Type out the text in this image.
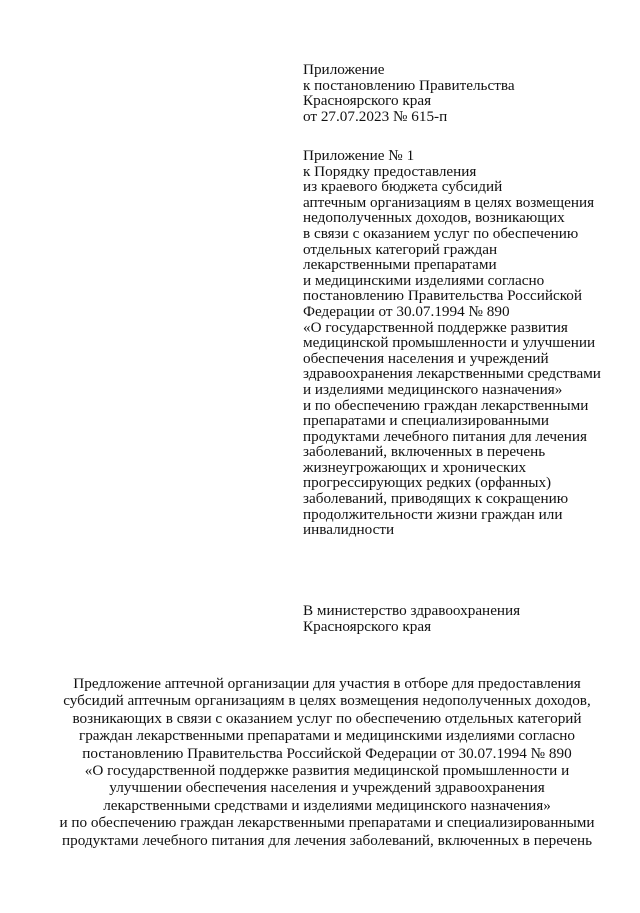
Приложение
к постановлению Правительства
Красноярского края
от 27.07.2023 № 615-п
Приложение № 1
к Порядку предоставления
из краевого бюджета субсидий
аптечным организациям в целях возмещения
недополученных доходов, возникающих
в связи с оказанием услуг по обеспечению
отдельных категорий граждан
лекарственными препаратами
и медицинскими изделиями согласно
постановлению Правительства Российской
Федерации от 30.07.1994 № 890
«О государственной поддержке развития
медицинской промышленности и улучшении
обеспечения населения и учреждений
здравоохранения лекарственными средствами
и изделиями медицинского назначения»
и по обеспечению граждан лекарственными
препаратами и специализированными
продуктами лечебного питания для лечения
заболеваний, включенных в перечень
жизнеугрожающих и хронических
прогрессирующих редких (орфанных)
заболеваний, приводящих к сокращению
продолжительности жизни граждан или
инвалидности
В министерство здравоохранения
Красноярского края
Предложение аптечной организации для участия в отборе для предоставления
субсидий аптечным организациям в целях возмещения недополученных доходов,
возникающих в связи с оказанием услуг по обеспечению отдельных категорий
граждан лекарственными препаратами и медицинскими изделиями согласно
постановлению Правительства Российской Федерации от 30.07.1994 № 890
«О государственной поддержке развития медицинской промышленности и
улучшении обеспечения населения и учреждений здравоохранения
лекарственными средствами и изделиями медицинского назначения»
и по обеспечению граждан лекарственными препаратами и специализированными
продуктами лечебного питания для лечения заболеваний, включенных в перечень
